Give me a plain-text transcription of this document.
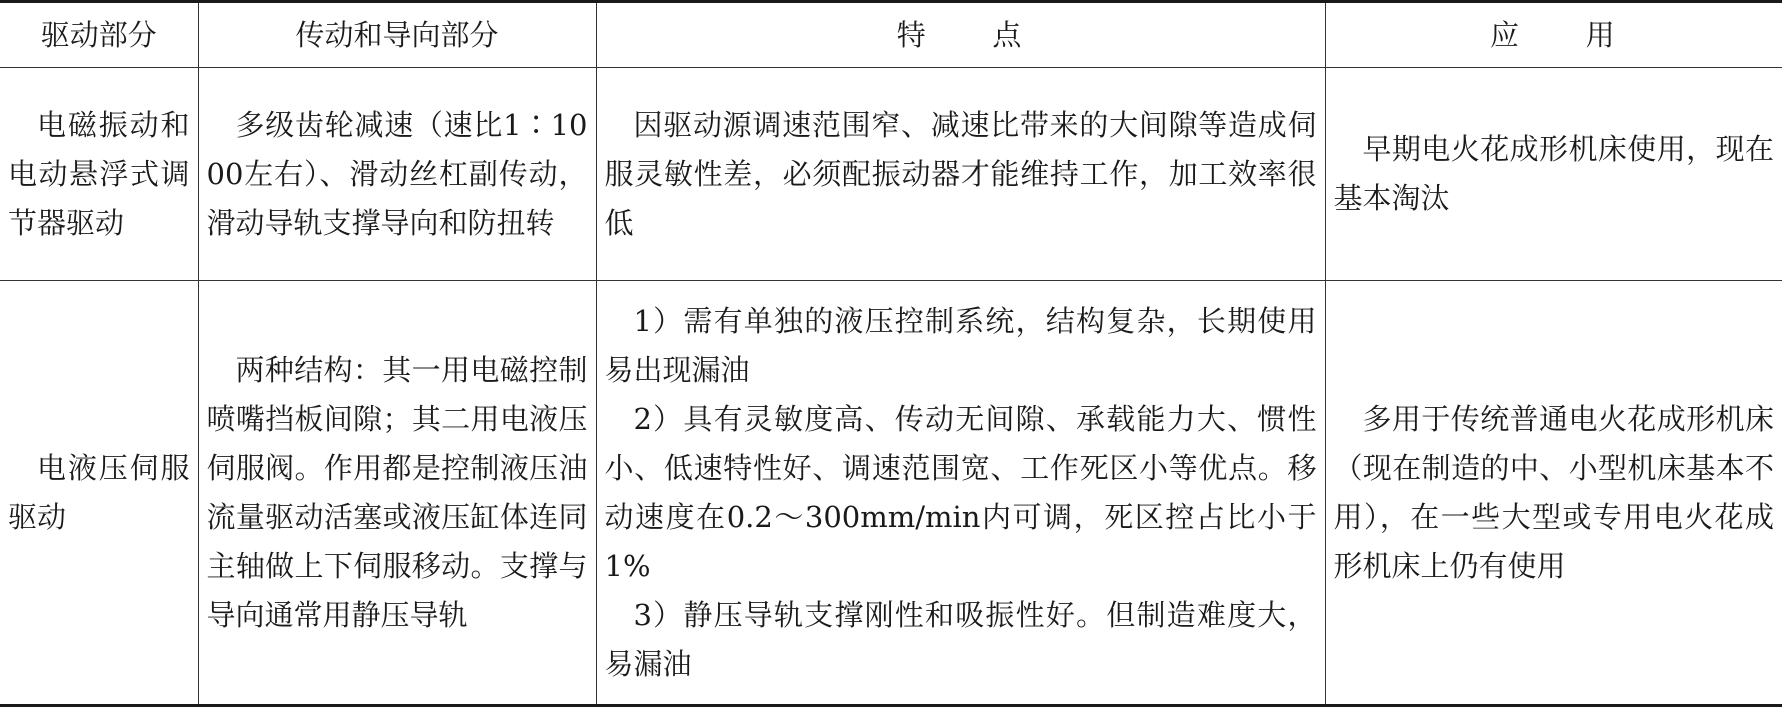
驱动部分	传动和导向部分	特　　点	应　　用

电磁振动和电动悬浮式调节器驱动	多级齿轮减速（速比1∶1000左右）、滑动丝杠副传动，滑动导轨支撑导向和防扭转	因驱动源调速范围窄、减速比带来的大间隙等造成伺服灵敏性差，必须配振动器才能维持工作，加工效率很低	早期电火花成形机床使用，现在基本淘汰

电液压伺服驱动	两种结构：其一用电磁控制喷嘴挡板间隙；其二用电液压伺服阀。作用都是控制液压油流量驱动活塞或液压缸体连同主轴做上下伺服移动。支撑与导向通常用静压导轨	1）需有单独的液压控制系统，结构复杂，长期使用易出现漏油
2）具有灵敏度高、传动无间隙、承载能力大、惯性小、低速特性好、调速范围宽、工作死区小等优点。移动速度在0.2～300mm/min内可调，死区控占比小于1%
3）静压导轨支撑刚性和吸振性好。但制造难度大，易漏油	多用于传统普通电火花成形机床（现在制造的中、小型机床基本不用），在一些大型或专用电火花成形机床上仍有使用
